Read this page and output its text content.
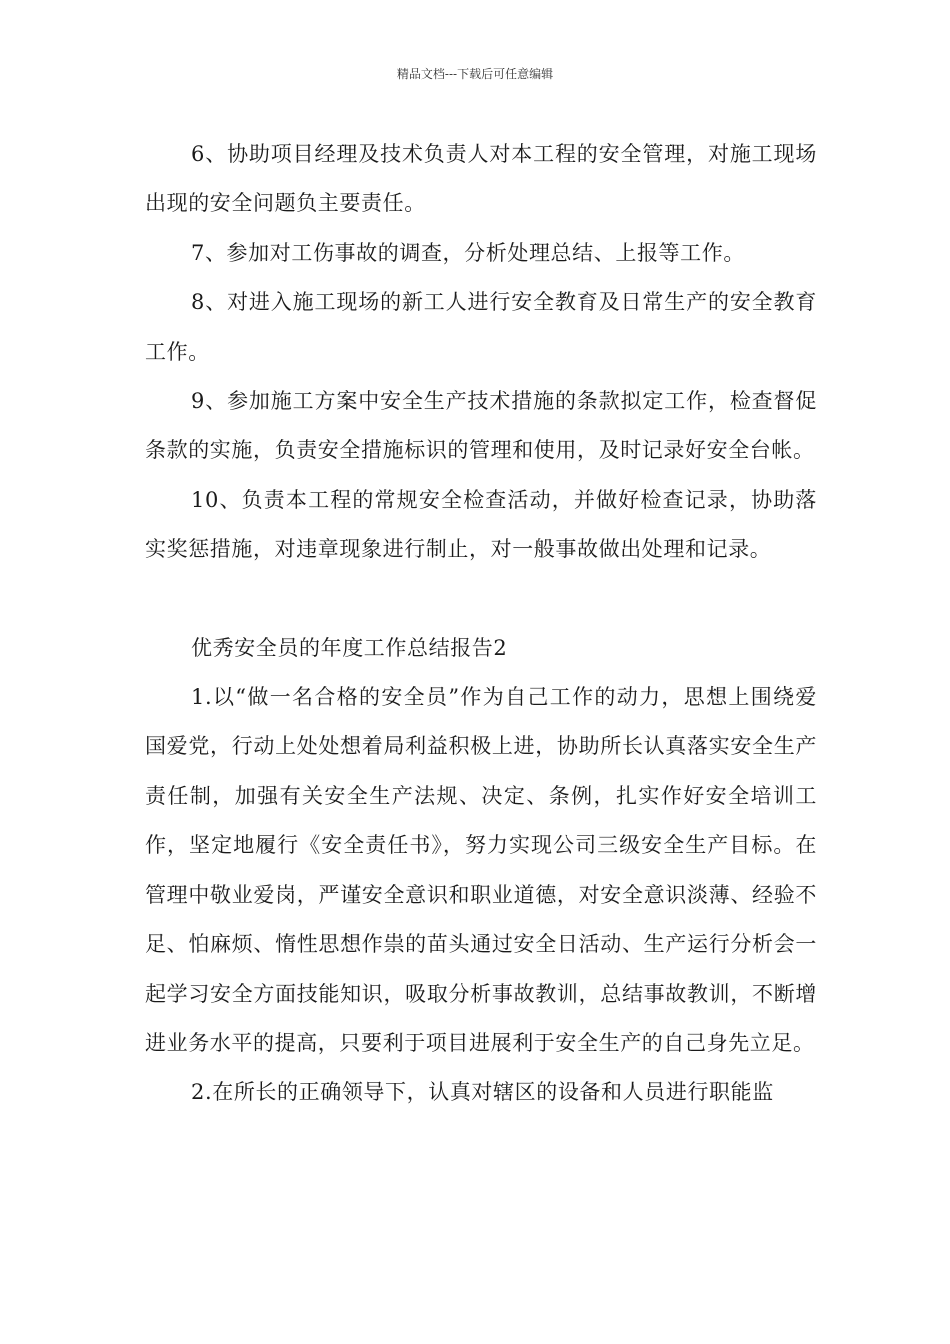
精品文档---下载后可任意编辑

6、协助项目经理及技术负责人对本工程的安全管理，对施工现场出现的安全问题负主要责任。

7、参加对工伤事故的调查，分析处理总结、上报等工作。

8、对进入施工现场的新工人进行安全教育及日常生产的安全教育工作。

9、参加施工方案中安全生产技术措施的条款拟定工作，检查督促条款的实施，负责安全措施标识的管理和使用，及时记录好安全台帐。

10、负责本工程的常规安全检查活动，并做好检查记录，协助落实奖惩措施，对违章现象进行制止，对一般事故做出处理和记录。

优秀安全员的年度工作总结报告2

1.以“做一名合格的安全员”作为自己工作的动力，思想上围绕爱国爱党，行动上处处想着局利益积极上进，协助所长认真落实安全生产责任制，加强有关安全生产法规、决定、条例，扎实作好安全培训工作，坚定地履行《安全责任书》，努力实现公司三级安全生产目标。在管理中敬业爱岗，严谨安全意识和职业道德，对安全意识淡薄、经验不足、怕麻烦、惰性思想作祟的苗头通过安全日活动、生产运行分析会一起学习安全方面技能知识，吸取分析事故教训，总结事故教训，不断增进业务水平的提高，只要利于项目进展利于安全生产的自己身先立足。

2.在所长的正确领导下，认真对辖区的设备和人员进行职能监
